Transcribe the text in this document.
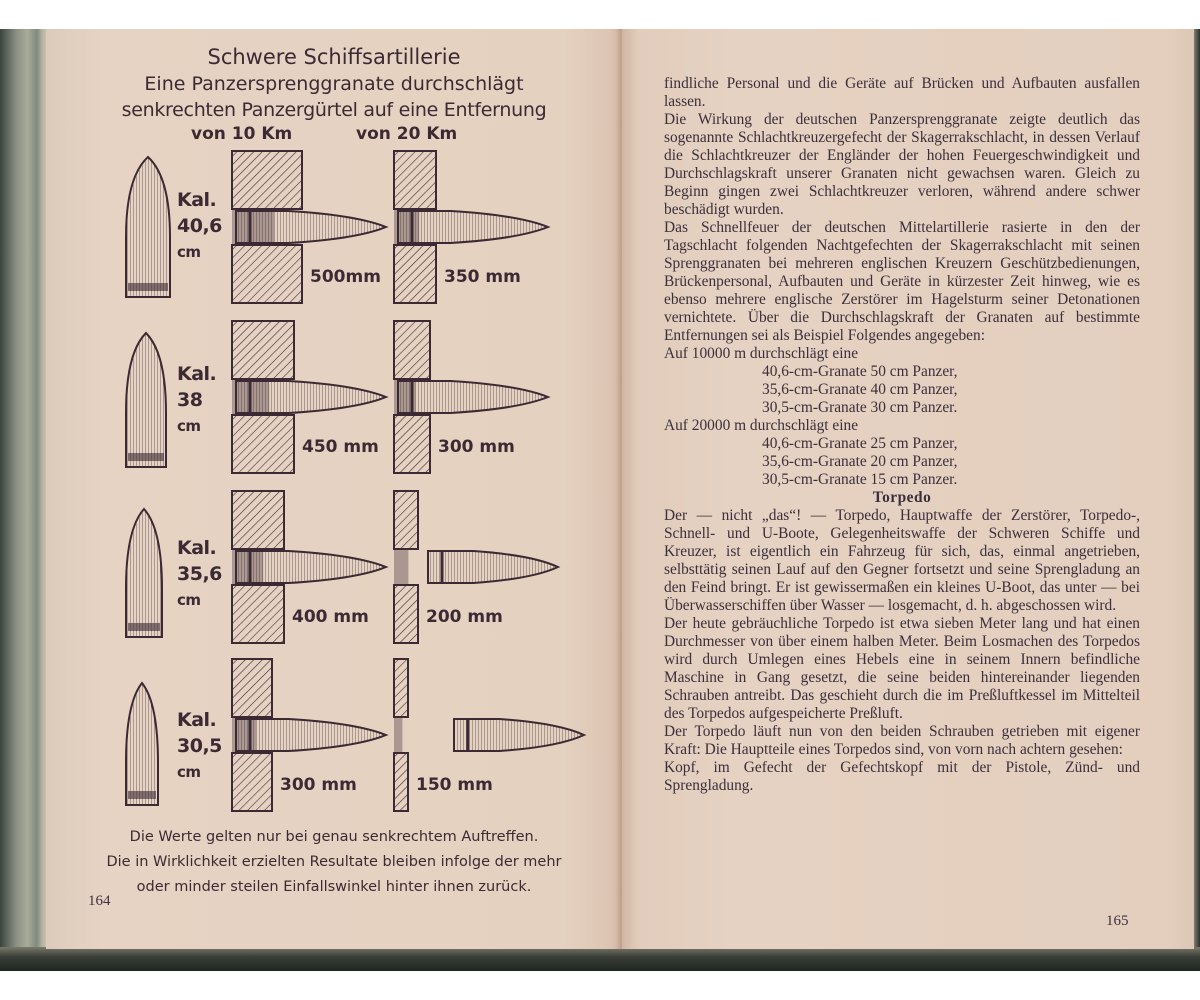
Schwere Schiffsartillerie
Eine Panzersprenggranate durchschlägt
senkrechten Panzergürtel auf eine Entfernung
von 10 Km	von 20 Km
Kal.
40,6
cm
500mm	350 mm
Kal.
38
cm
450 mm	300 mm
Kal.
35,6
cm
400 mm	200 mm
Kal.
30,5
cm
300 mm	150 mm
Die Werte gelten nur bei genau senkrechtem Auftreffen.
Die in Wirklichkeit erzielten Resultate bleiben infolge der mehr
oder minder steilen Einfallswinkel hinter ihnen zurück.
164

findliche Personal und die Geräte auf Brücken und Aufbauten ausfallen lassen.

Die Wirkung der deutschen Panzersprenggranate zeigte deutlich das sogenannte Schlachtkreuzergefecht der Skagerrakschlacht, in dessen Verlauf die Schlachtkreuzer der Engländer der hohen Feuergeschwindigkeit und Durchschlagskraft unserer Granaten nicht gewachsen waren. Gleich zu Beginn gingen zwei Schlachtkreuzer verloren, während andere schwer beschädigt wurden.

Das Schnellfeuer der deutschen Mittelartillerie rasierte in den der Tagschlacht folgenden Nachtgefechten der Skagerrakschlacht mit seinen Sprenggranaten bei mehreren englischen Kreuzern Geschützbedienungen, Brückenpersonal, Aufbauten und Geräte in kürzester Zeit hinweg, wie es ebenso mehrere englische Zerstörer im Hagelsturm seiner Detonationen vernichtete. Über die Durchschlagskraft der Granaten auf bestimmte Entfernungen sei als Beispiel Folgendes angegeben:

Auf 10000 m durchschlägt eine

40,6-cm-Granate 50 cm Panzer,

35,6-cm-Granate 40 cm Panzer,

30,5-cm-Granate 30 cm Panzer.

Auf 20000 m durchschlägt eine

40,6-cm-Granate 25 cm Panzer,

35,6-cm-Granate 20 cm Panzer,

30,5-cm-Granate 15 cm Panzer.

Torpedo

Der — nicht „das“! — Torpedo, Hauptwaffe der Zerstörer, Torpedo-, Schnell- und U-Boote, Gelegenheitswaffe der Schweren Schiffe und Kreuzer, ist eigentlich ein Fahrzeug für sich, das, einmal angetrieben, selbsttätig seinen Lauf auf den Gegner fortsetzt und seine Sprengladung an den Feind bringt. Er ist gewissermaßen ein kleines U-Boot, das unter — bei Überwasserschiffen über Wasser — losgemacht, d. h. abgeschossen wird.

Der heute gebräuchliche Torpedo ist etwa sieben Meter lang und hat einen Durchmesser von über einem halben Meter. Beim Losmachen des Torpedos wird durch Umlegen eines Hebels eine in seinem Innern befindliche Maschine in Gang gesetzt, die seine beiden hintereinander liegenden Schrauben antreibt. Das geschieht durch die im Preßluftkessel im Mittelteil des Torpedos aufgespeicherte Preßluft.

Der Torpedo läuft nun von den beiden Schrauben getrieben mit eigener Kraft: Die Hauptteile eines Torpedos sind, von vorn nach achtern gesehen:

Kopf, im Gefecht der Gefechtskopf mit der Pistole, Zünd- und Sprengladung.

165
